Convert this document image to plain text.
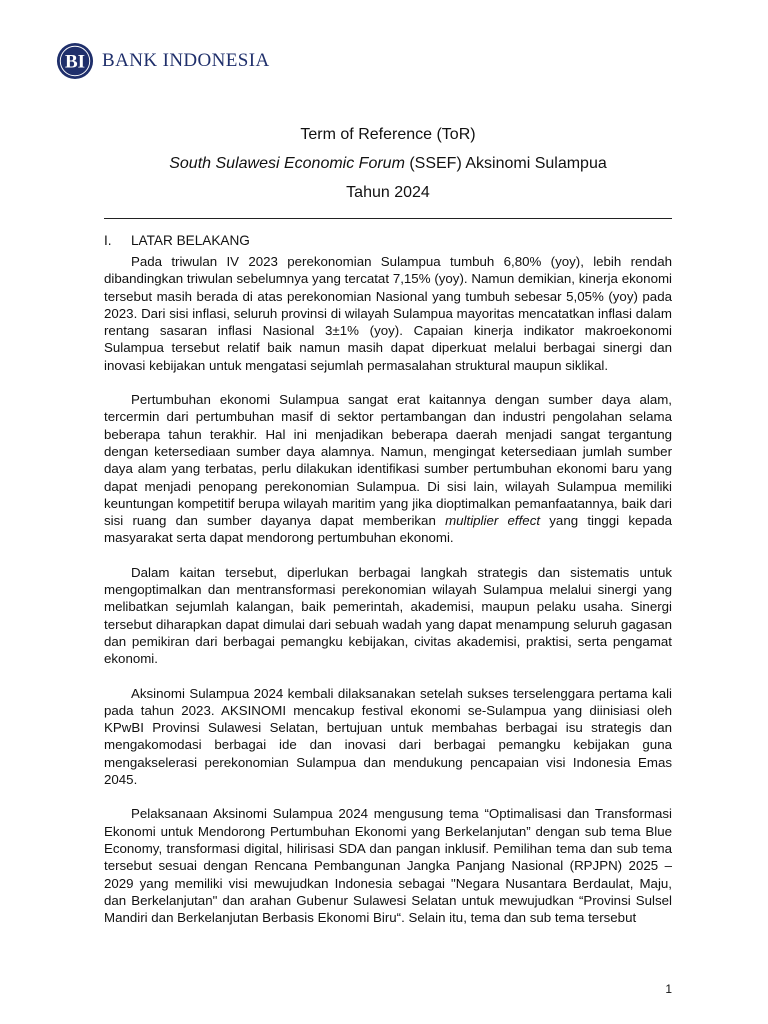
BI BANK INDONESIA
Term of Reference (ToR)
South Sulawesi Economic Forum (SSEF) Aksinomi Sulampua
Tahun 2024
I.	LATAR BELAKANG

Pada triwulan IV 2023 perekonomian Sulampua tumbuh 6,80% (yoy), lebih rendah dibandingkan triwulan sebelumnya yang tercatat 7,15% (yoy). Namun demikian, kinerja ekonomi tersebut masih berada di atas perekonomian Nasional yang tumbuh sebesar 5,05% (yoy) pada 2023. Dari sisi inflasi, seluruh provinsi di wilayah Sulampua mayoritas mencatatkan inflasi dalam rentang sasaran inflasi Nasional 3±1% (yoy). Capaian kinerja indikator makroekonomi Sulampua tersebut relatif baik namun masih dapat diperkuat melalui berbagai sinergi dan inovasi kebijakan untuk mengatasi sejumlah permasalahan struktural maupun siklikal.

Pertumbuhan ekonomi Sulampua sangat erat kaitannya dengan sumber daya alam, tercermin dari pertumbuhan masif di sektor pertambangan dan industri pengolahan selama beberapa tahun terakhir. Hal ini menjadikan beberapa daerah menjadi sangat tergantung dengan ketersediaan sumber daya alamnya. Namun, mengingat ketersediaan jumlah sumber daya alam yang terbatas, perlu dilakukan identifikasi sumber pertumbuhan ekonomi baru yang dapat menjadi penopang perekonomian Sulampua. Di sisi lain, wilayah Sulampua memiliki keuntungan kompetitif berupa wilayah maritim yang jika dioptimalkan pemanfaatannya, baik dari sisi ruang dan sumber dayanya dapat memberikan multiplier effect yang tinggi kepada masyarakat serta dapat mendorong pertumbuhan ekonomi.

Dalam kaitan tersebut, diperlukan berbagai langkah strategis dan sistematis untuk mengoptimalkan dan mentransformasi perekonomian wilayah Sulampua melalui sinergi yang melibatkan sejumlah kalangan, baik pemerintah, akademisi, maupun pelaku usaha. Sinergi tersebut diharapkan dapat dimulai dari sebuah wadah yang dapat menampung seluruh gagasan dan pemikiran dari berbagai pemangku kebijakan, civitas akademisi, praktisi, serta pengamat ekonomi.

Aksinomi Sulampua 2024 kembali dilaksanakan setelah sukses terselenggara pertama kali pada tahun 2023. AKSINOMI mencakup festival ekonomi se-Sulampua yang diinisiasi oleh KPwBI Provinsi Sulawesi Selatan, bertujuan untuk membahas berbagai isu strategis dan mengakomodasi berbagai ide dan inovasi dari berbagai pemangku kebijakan guna mengakselerasi perekonomian Sulampua dan mendukung pencapaian visi Indonesia Emas 2045.

Pelaksanaan Aksinomi Sulampua 2024 mengusung tema “Optimalisasi dan Transformasi Ekonomi untuk Mendorong Pertumbuhan Ekonomi yang Berkelanjutan” dengan sub tema Blue Economy, transformasi digital, hilirisasi SDA dan pangan inklusif. Pemilihan tema dan sub tema tersebut sesuai dengan Rencana Pembangunan Jangka Panjang Nasional (RPJPN) 2025 – 2029 yang memiliki visi mewujudkan Indonesia sebagai "Negara Nusantara Berdaulat, Maju, dan Berkelanjutan" dan arahan Gubenur Sulawesi Selatan untuk mewujudkan “Provinsi Sulsel Mandiri dan Berkelanjutan Berbasis Ekonomi Biru“. Selain itu, tema dan sub tema tersebut

1
